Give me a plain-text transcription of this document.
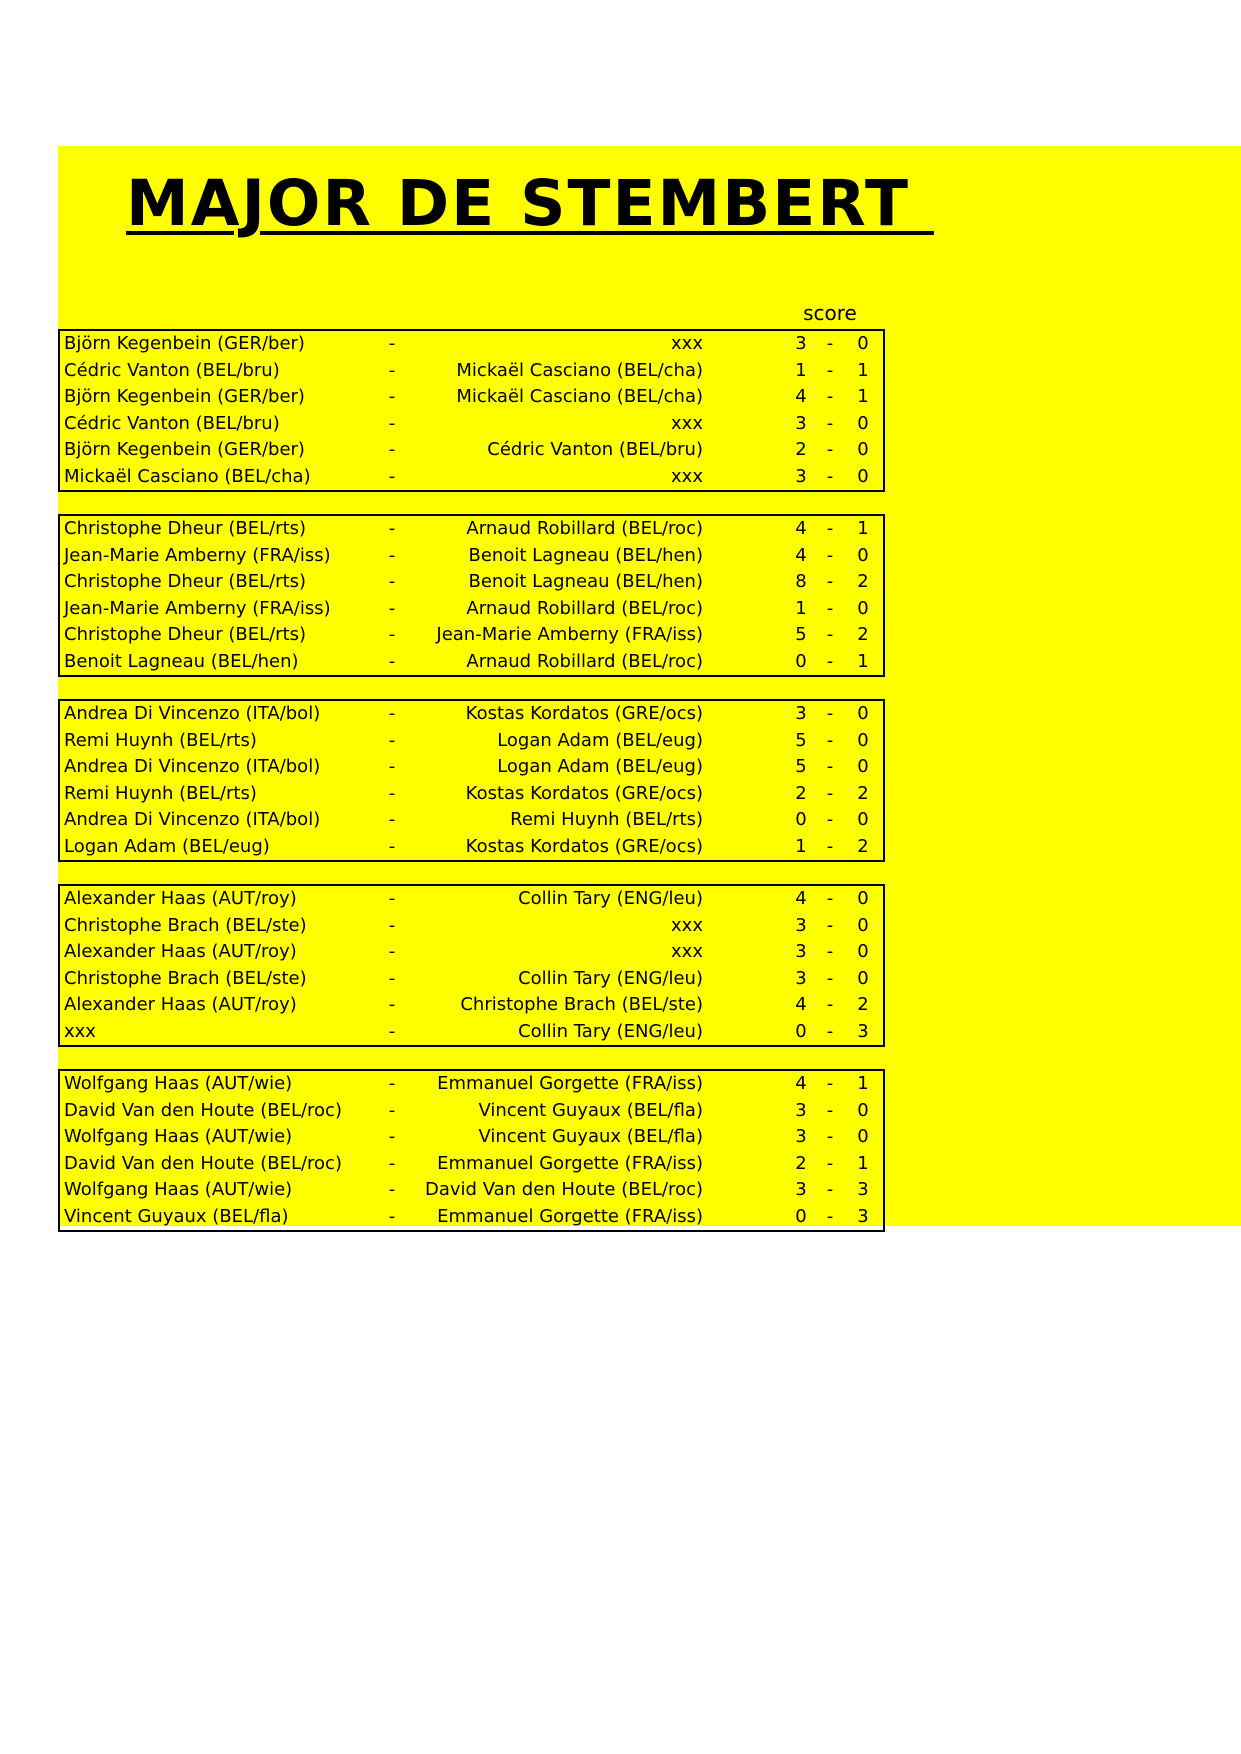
MAJOR DE STEMBERT
score
Björn Kegenbein (GER/ber)	-	xxx	3	-	0
Cédric Vanton (BEL/bru)	-	Mickaël Casciano (BEL/cha)	1	-	1
Björn Kegenbein (GER/ber)	-	Mickaël Casciano (BEL/cha)	4	-	1
Cédric Vanton (BEL/bru)	-	xxx	3	-	0
Björn Kegenbein (GER/ber)	-	Cédric Vanton (BEL/bru)	2	-	0
Mickaël Casciano (BEL/cha)	-	xxx	3	-	0
Christophe Dheur (BEL/rts)	-	Arnaud Robillard (BEL/roc)	4	-	1
Jean-Marie Amberny (FRA/iss)	-	Benoit Lagneau (BEL/hen)	4	-	0
Christophe Dheur (BEL/rts)	-	Benoit Lagneau (BEL/hen)	8	-	2
Jean-Marie Amberny (FRA/iss)	-	Arnaud Robillard (BEL/roc)	1	-	0
Christophe Dheur (BEL/rts)	-	Jean-Marie Amberny (FRA/iss)	5	-	2
Benoit Lagneau (BEL/hen)	-	Arnaud Robillard (BEL/roc)	0	-	1
Andrea Di Vincenzo (ITA/bol)	-	Kostas Kordatos (GRE/ocs)	3	-	0
Remi Huynh (BEL/rts)	-	Logan Adam (BEL/eug)	5	-	0
Andrea Di Vincenzo (ITA/bol)	-	Logan Adam (BEL/eug)	5	-	0
Remi Huynh (BEL/rts)	-	Kostas Kordatos (GRE/ocs)	2	-	2
Andrea Di Vincenzo (ITA/bol)	-	Remi Huynh (BEL/rts)	0	-	0
Logan Adam (BEL/eug)	-	Kostas Kordatos (GRE/ocs)	1	-	2
Alexander Haas (AUT/roy)	-	Collin Tary (ENG/leu)	4	-	0
Christophe Brach (BEL/ste)	-	xxx	3	-	0
Alexander Haas (AUT/roy)	-	xxx	3	-	0
Christophe Brach (BEL/ste)	-	Collin Tary (ENG/leu)	3	-	0
Alexander Haas (AUT/roy)	-	Christophe Brach (BEL/ste)	4	-	2
xxx	-	Collin Tary (ENG/leu)	0	-	3
Wolfgang Haas (AUT/wie)	-	Emmanuel Gorgette (FRA/iss)	4	-	1
David Van den Houte (BEL/roc)	-	Vincent Guyaux (BEL/fla)	3	-	0
Wolfgang Haas (AUT/wie)	-	Vincent Guyaux (BEL/fla)	3	-	0
David Van den Houte (BEL/roc)	-	Emmanuel Gorgette (FRA/iss)	2	-	1
Wolfgang Haas (AUT/wie)	-	David Van den Houte (BEL/roc)	3	-	3
Vincent Guyaux (BEL/fla)	-	Emmanuel Gorgette (FRA/iss)	0	-	3
